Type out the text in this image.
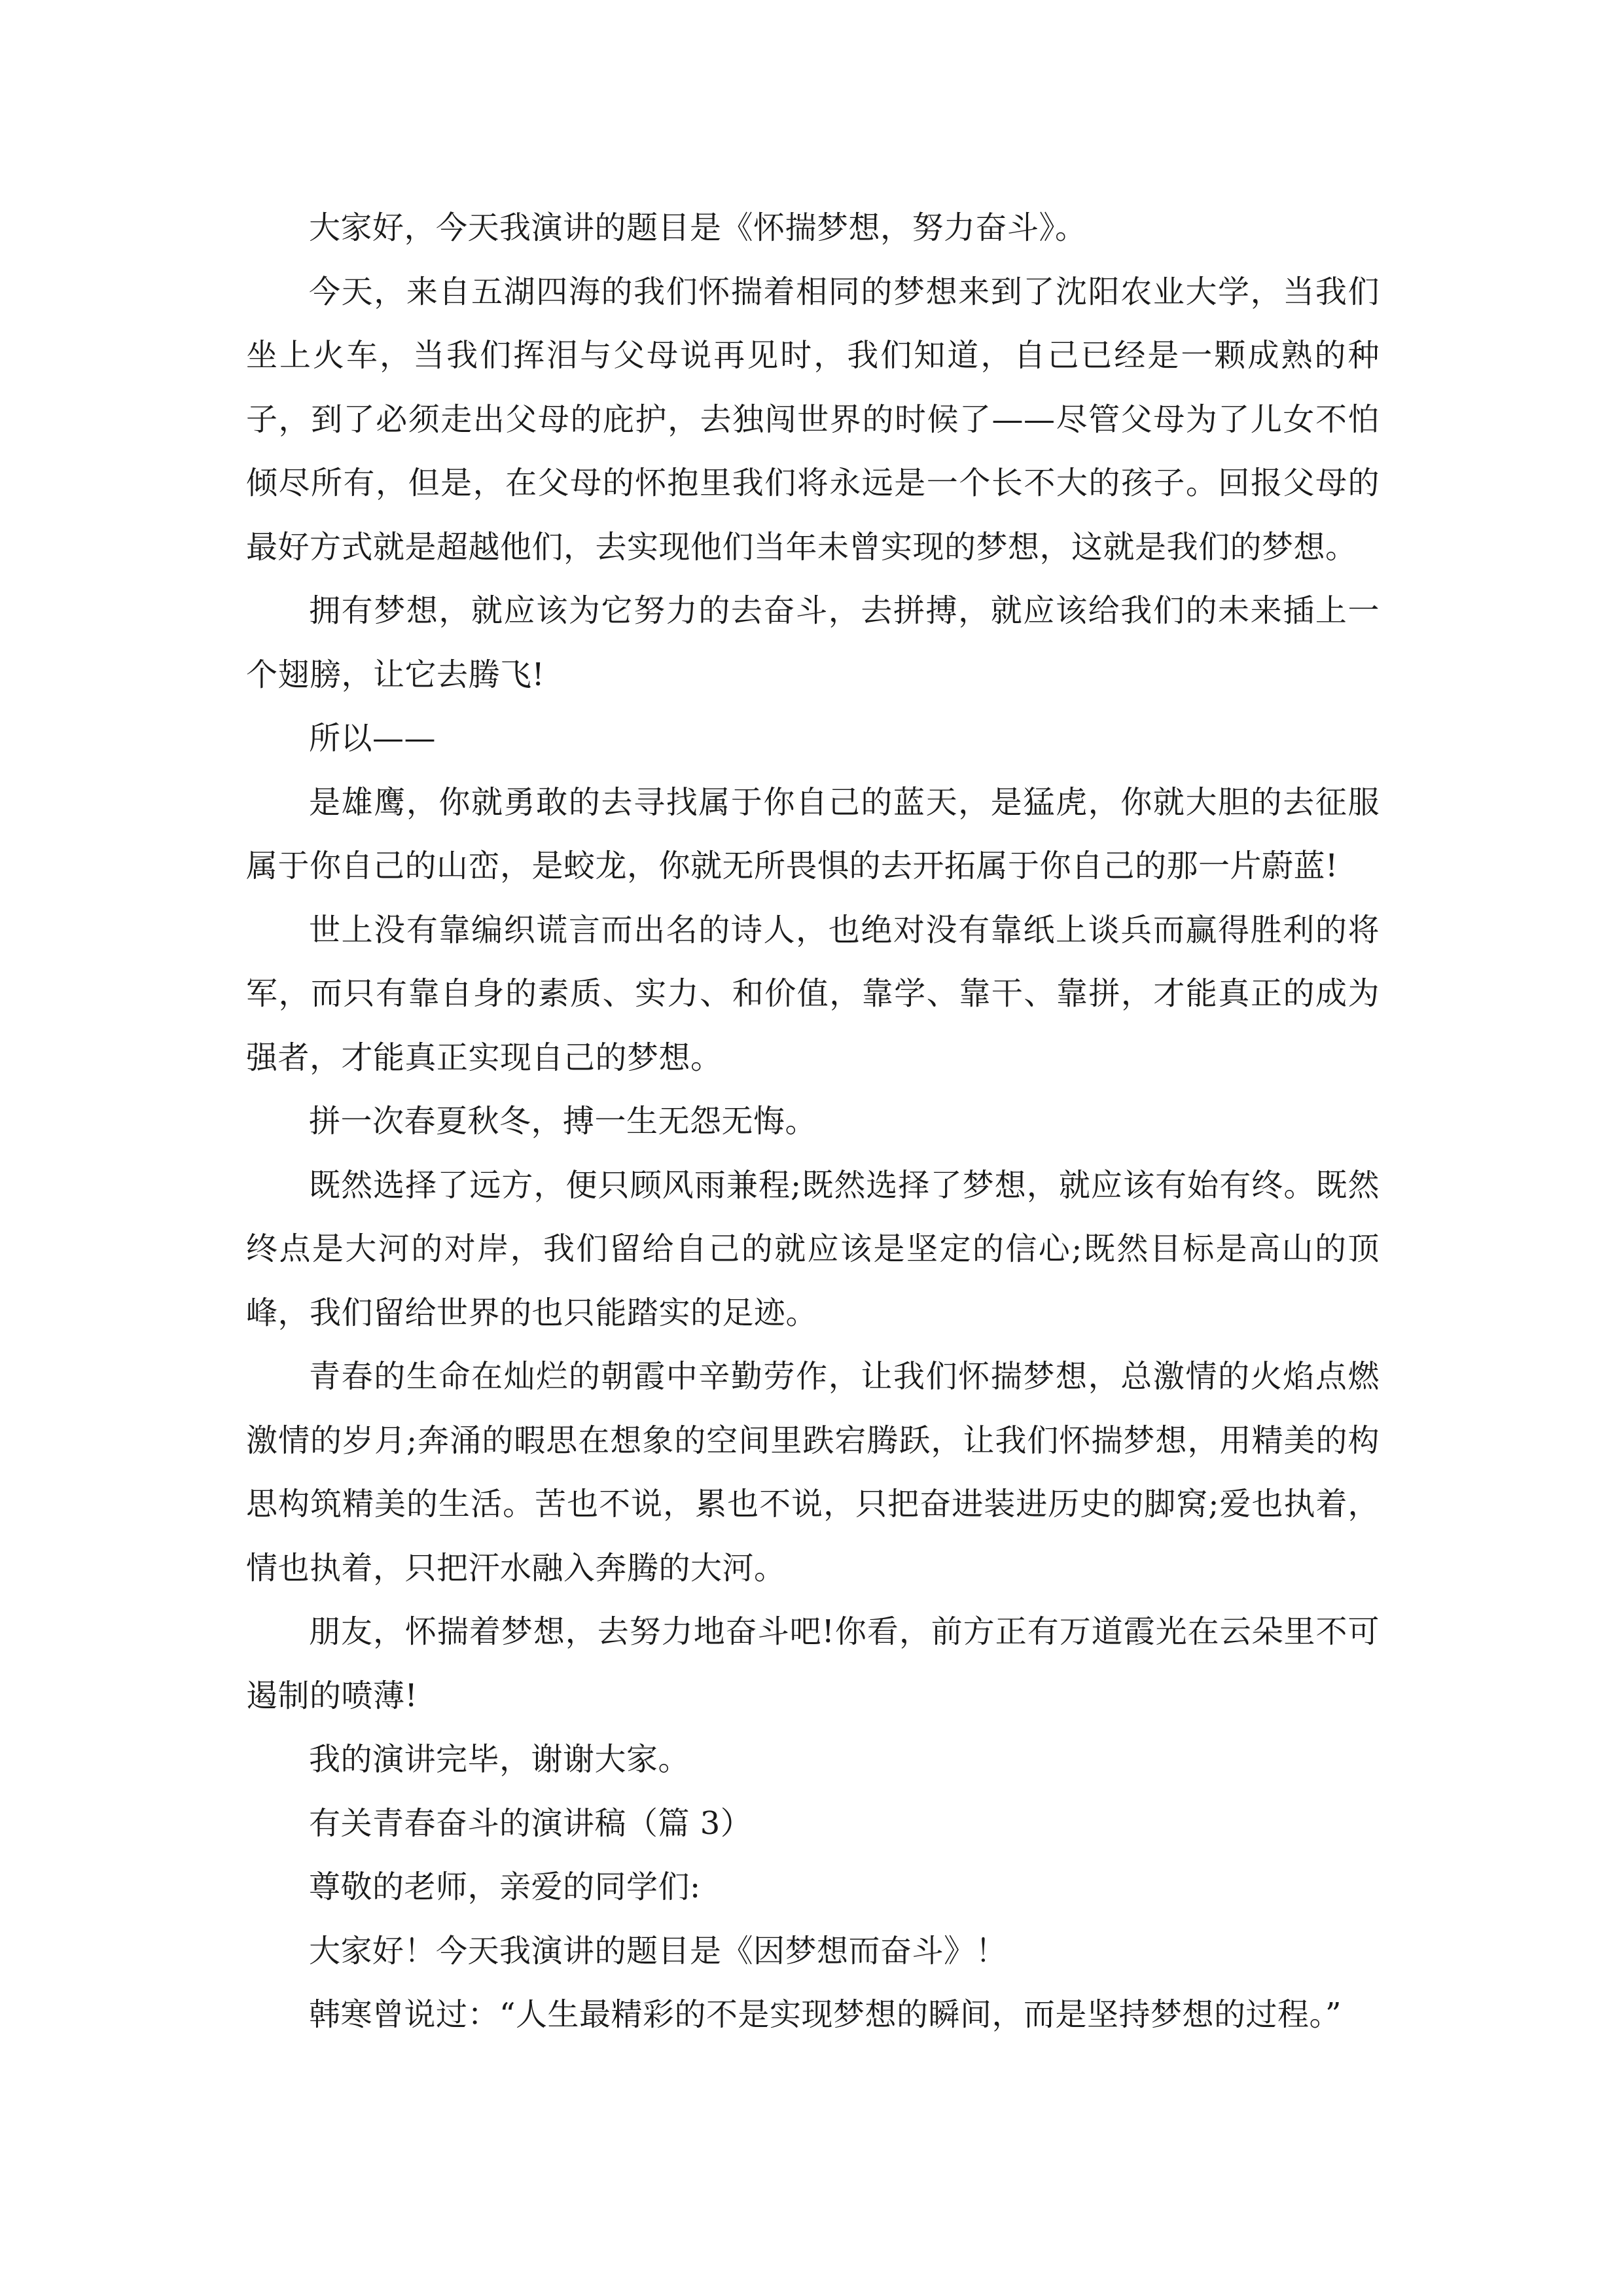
大家好，今天我演讲的题目是《怀揣梦想，努力奋斗》。

今天，来自五湖四海的我们怀揣着相同的梦想来到了沈阳农业大学，当我们坐上火车，当我们挥泪与父母说再见时，我们知道，自己已经是一颗成熟的种子，到了必须走出父母的庇护，去独闯世界的时候了——尽管父母为了儿女不怕倾尽所有，但是，在父母的怀抱里我们将永远是一个长不大的孩子。回报父母的最好方式就是超越他们，去实现他们当年未曾实现的梦想，这就是我们的梦想。

拥有梦想，就应该为它努力的去奋斗，去拼搏，就应该给我们的未来插上一个翅膀，让它去腾飞!

所以——

是雄鹰，你就勇敢的去寻找属于你自己的蓝天，是猛虎，你就大胆的去征服属于你自己的山峦，是蛟龙，你就无所畏惧的去开拓属于你自己的那一片蔚蓝!

世上没有靠编织谎言而出名的诗人，也绝对没有靠纸上谈兵而赢得胜利的将军，而只有靠自身的素质、实力、和价值，靠学、靠干、靠拼，才能真正的成为强者，才能真正实现自己的梦想。

拼一次春夏秋冬，搏一生无怨无悔。

既然选择了远方，便只顾风雨兼程;既然选择了梦想，就应该有始有终。既然终点是大河的对岸，我们留给自己的就应该是坚定的信心;既然目标是高山的顶峰，我们留给世界的也只能踏实的足迹。

青春的生命在灿烂的朝霞中辛勤劳作，让我们怀揣梦想，总激情的火焰点燃激情的岁月;奔涌的暇思在想象的空间里跌宕腾跃，让我们怀揣梦想，用精美的构思构筑精美的生活。苦也不说，累也不说，只把奋进装进历史的脚窝;爱也执着，情也执着，只把汗水融入奔腾的大河。

朋友，怀揣着梦想，去努力地奋斗吧!你看，前方正有万道霞光在云朵里不可遏制的喷薄!

我的演讲完毕，谢谢大家。

有关青春奋斗的演讲稿（篇 3）

尊敬的老师，亲爱的同学们:

大家好！今天我演讲的题目是《因梦想而奋斗》！

韩寒曾说过：“人生最精彩的不是实现梦想的瞬间，而是坚持梦想的过程。”
